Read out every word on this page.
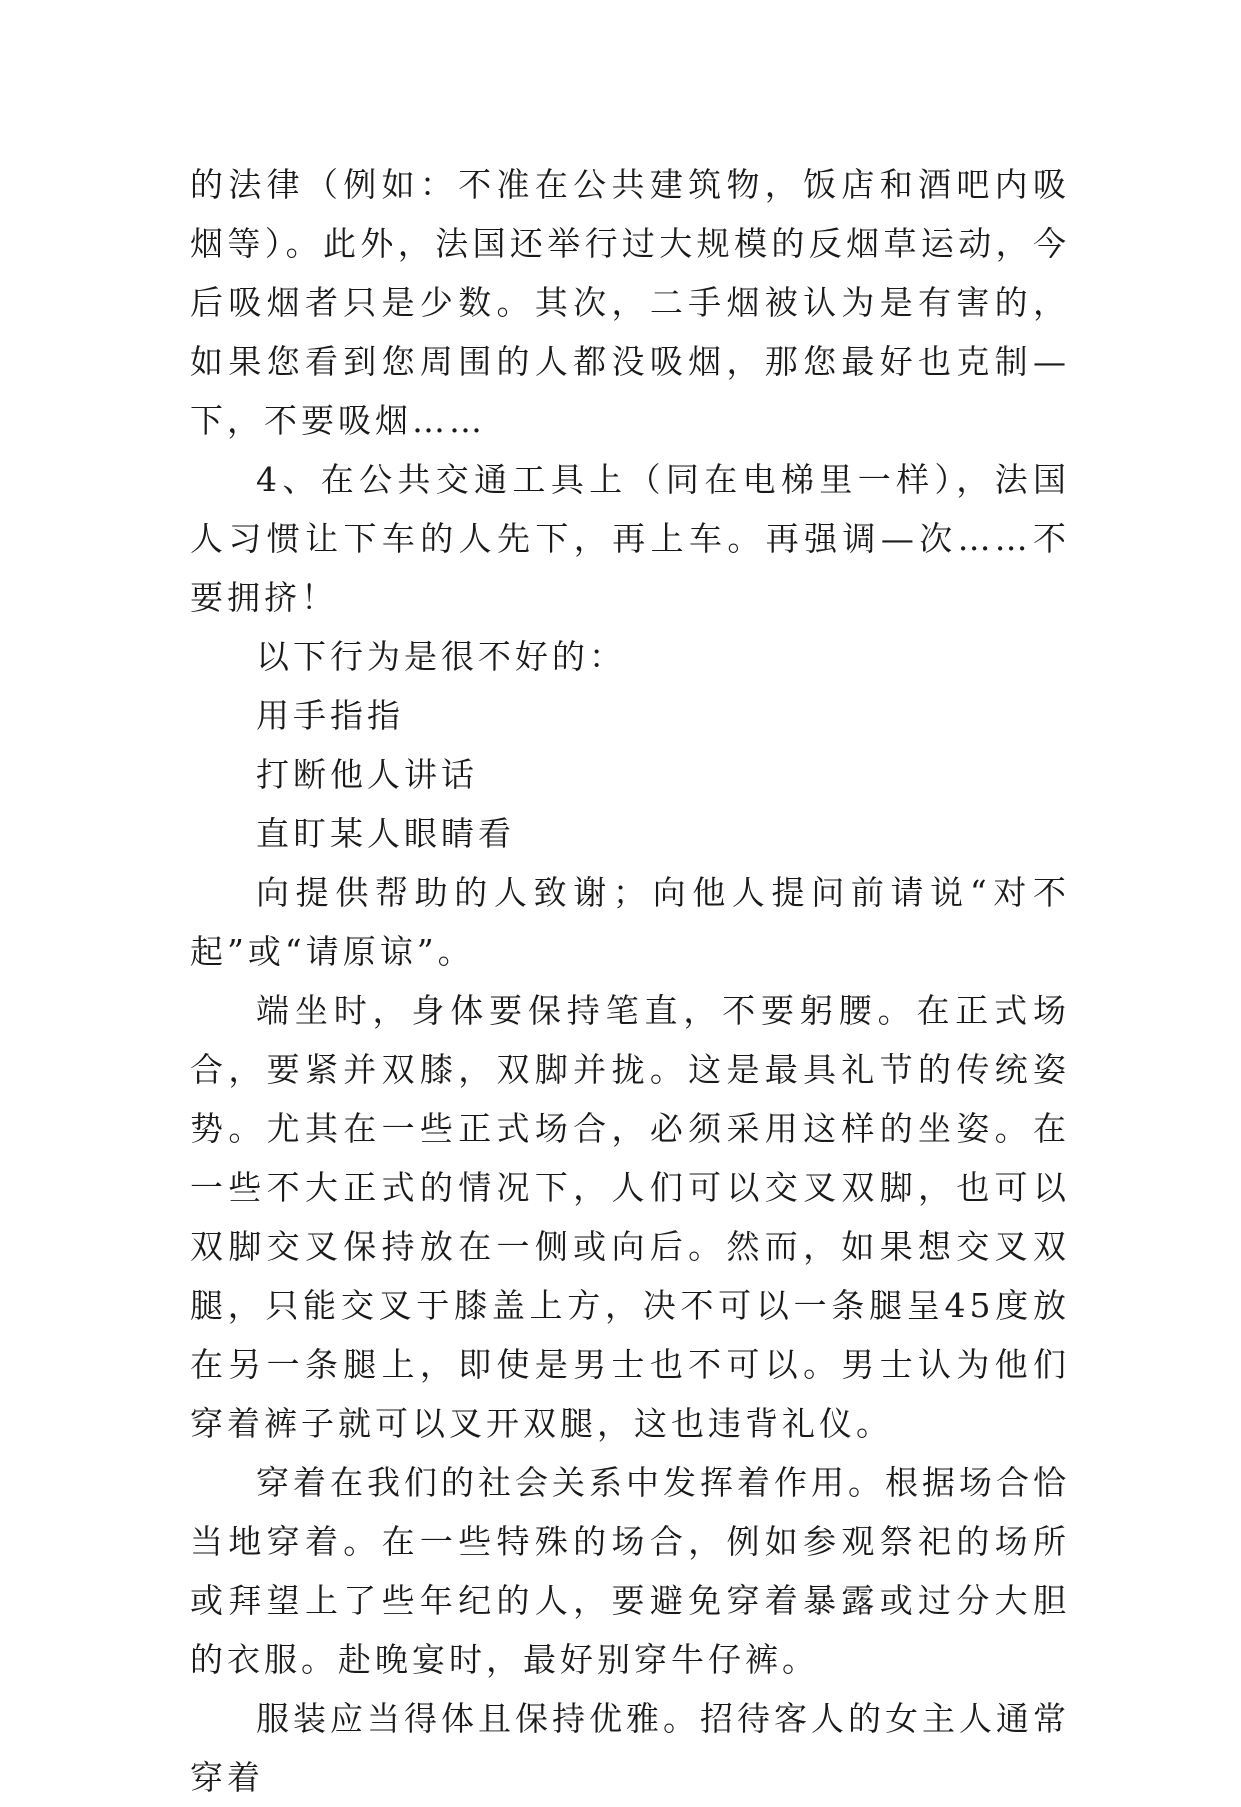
的法律（例如：不准在公共建筑物，饭店和酒吧内吸烟等）。此外，法国还举行过大规模的反烟草运动，今后吸烟者只是少数。其次，二手烟被认为是有害的，如果您看到您周围的人都没吸烟，那您最好也克制—下，不要吸烟……

4、在公共交通工具上（同在电梯里一样），法国人习惯让下车的人先下，再上车。再强调—次……不要拥挤！

以下行为是很不好的：

用手指指

打断他人讲话

直盯某人眼睛看

向提供帮助的人致谢；向他人提问前请说“对不起”或“请原谅”。

端坐时，身体要保持笔直，不要躬腰。在正式场合，要紧并双膝，双脚并拢。这是最具礼节的传统姿势。尤其在一些正式场合，必须采用这样的坐姿。在一些不大正式的情况下，人们可以交叉双脚，也可以双脚交叉保持放在一侧或向后。然而，如果想交叉双腿，只能交叉于膝盖上方，决不可以一条腿呈45度放在另一条腿上，即使是男士也不可以。男士认为他们穿着裤子就可以叉开双腿，这也违背礼仪。

穿着在我们的社会关系中发挥着作用。根据场合恰当地穿着。在一些特殊的场合，例如参观祭祀的场所或拜望上了些年纪的人，要避免穿着暴露或过分大胆的衣服。赴晚宴时，最好别穿牛仔裤。

服装应当得体且保持优雅。招待客人的女主人通常穿着
